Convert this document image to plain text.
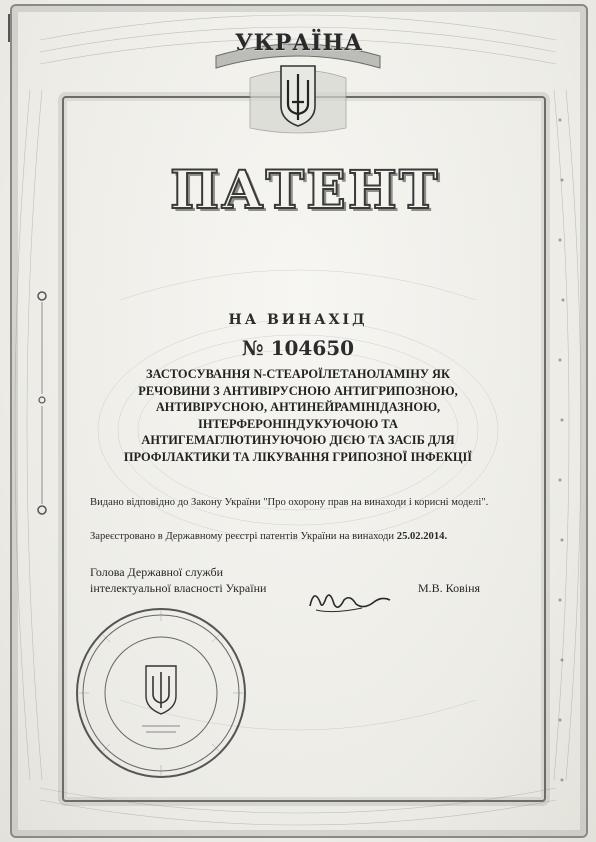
УКРАЇНА
ПАТЕНТ
НА ВИНАХІД
№ 104650
ЗАСТОСУВАННЯ N-СТЕАРОЇЛЕТАНОЛАМІНУ ЯК
РЕЧОВИНИ З АНТИВІРУСНОЮ АНТИГРИПОЗНОЮ,
АНТИВІРУСНОЮ, АНТИНЕЙРАМІНІДАЗНОЮ,
ІНТЕРФЕРОНІНДУКУЮЧОЮ ТА
АНТИГЕМАГЛЮТИНУЮЧОЮ ДІЄЮ ТА ЗАСІБ ДЛЯ
ПРОФІЛАКТИКИ ТА ЛІКУВАННЯ ГРИПОЗНОЇ ІНФЕКЦІЇ
Видано відповідно до Закону України "Про охорону прав на винаходи і корисні моделі".
Зареєстровано в Державному реєстрі патентів України на винаходи 25.02.2014.
Голова Державної служби
інтелектуальної власності України	М.В. Ковіня
